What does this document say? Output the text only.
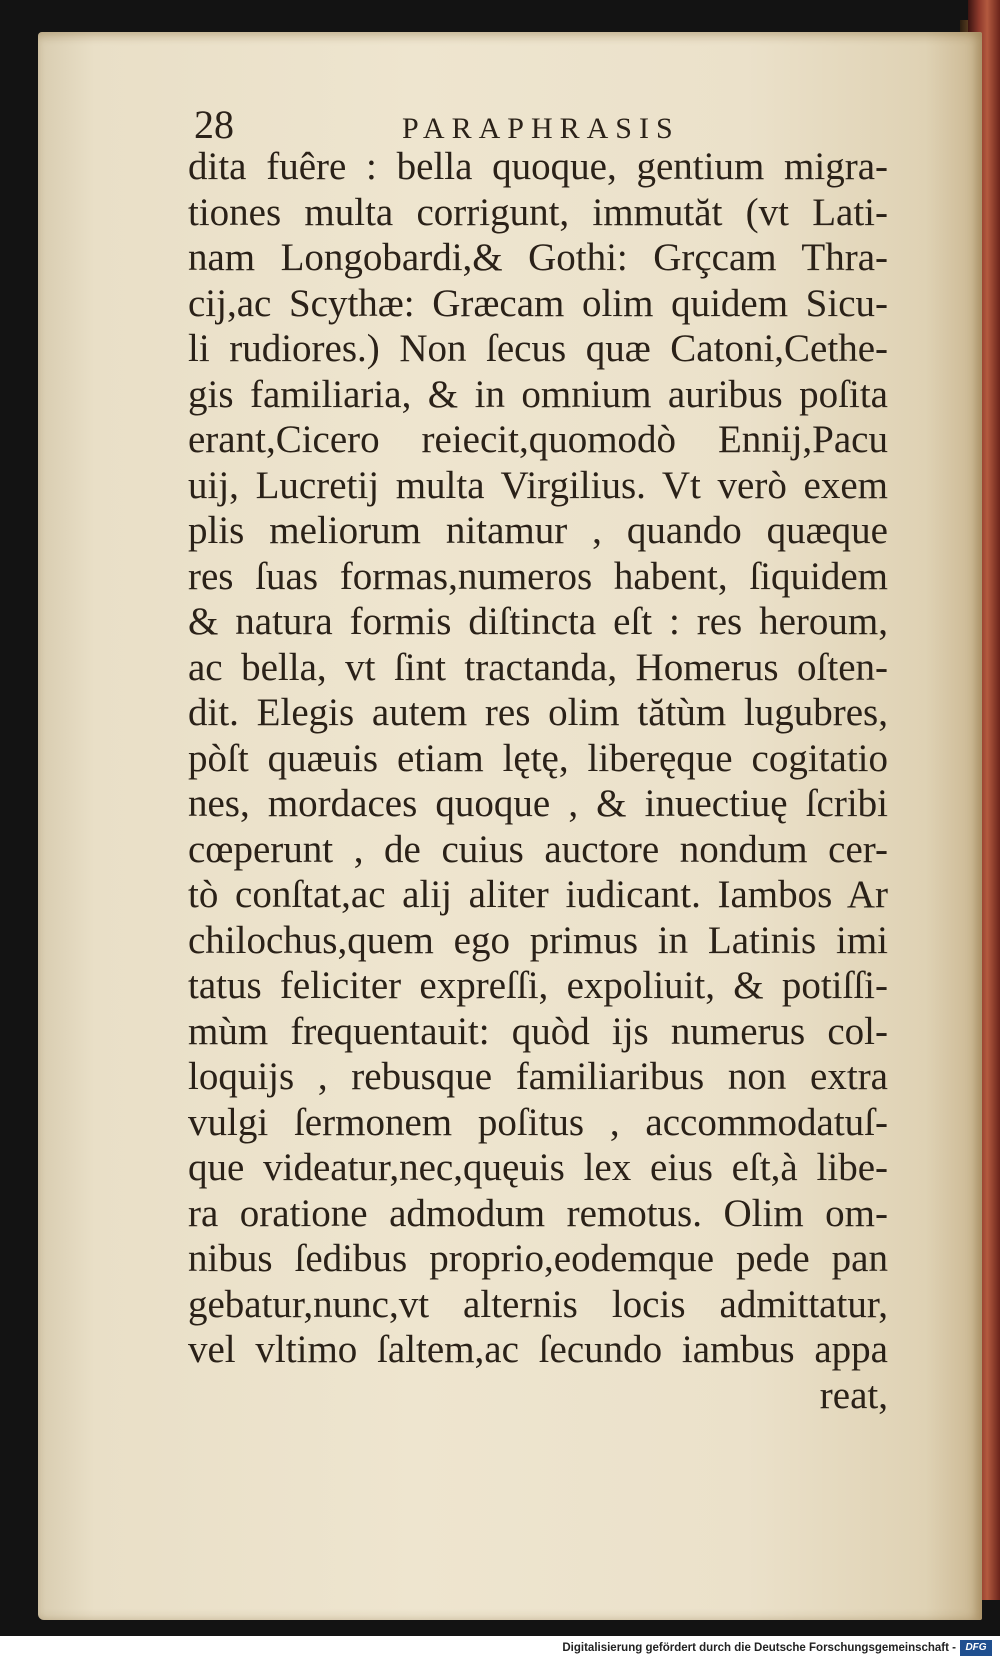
28	PARAPHRASIS
dita fuêre : bella quoque, gentium migra-
tiones multa corrigunt, immutăt (vt Lati-
nam Longobardi,& Gothi: Grçcam Thra-
cij,ac Scythæ: Græcam olim quidem Sicu-
li rudiores.) Non ſecus quæ Catoni,Cethe-
gis familiaria, & in omnium auribus poſita
erant,Cicero reiecit,quomodò Ennij,Pacu
uij, Lucretij multa Virgilius. Vt verò exem
plis meliorum nitamur , quando quæque
res ſuas formas,numeros habent, ſiquidem
& natura formis diſtincta eſt : res heroum,
ac bella, vt ſint tractanda, Homerus oſten-
dit. Elegis autem res olim tătùm lugubres,
pòſt quæuis etiam lętę, liberęque cogitatio
nes, mordaces quoque , & inuectiuę ſcribi
cœperunt , de cuius auctore nondum cer-
tò conſtat,ac alij aliter iudicant. Iambos Ar
chilochus,quem ego primus in Latinis imi
tatus feliciter expreſſi, expoliuit, & potiſſi-
mùm frequentauit: quòd ijs numerus col-
loquijs , rebusque familiaribus non extra
vulgi ſermonem poſitus , accommodatuſ-
que videatur,nec,quęuis lex eius eſt,à libe-
ra oratione admodum remotus. Olim om-
nibus ſedibus proprio,eodemque pede pan
gebatur,nunc,vt alternis locis admittatur,
vel vltimo ſaltem,ac ſecundo iambus appa
reat,
Digitalisierung gefördert durch die Deutsche Forschungsgemeinschaft - DFG
